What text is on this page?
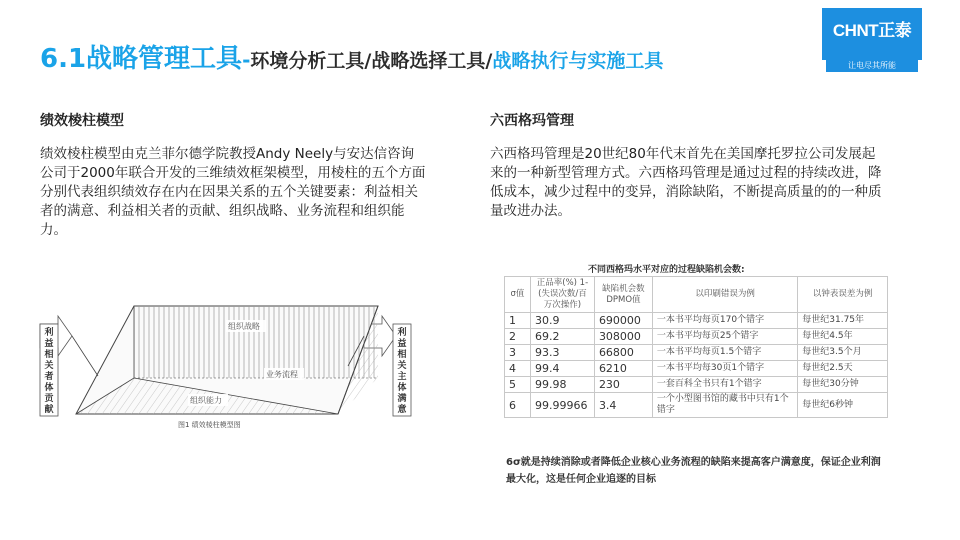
6.1战略管理工具-环境分析工具/战略选择工具/战略执行与实施工具
CHNT正泰
让电尽其所能
绩效棱柱模型
绩效棱柱模型由克兰菲尔德学院教授Andy Neely与安达信咨询公司于2000年联合开发的三维绩效框架模型，用棱柱的五个方面分别代表组织绩效存在内在因果关系的五个关键要素：利益相关者的满意、利益相关者的贡献、组织战略、业务流程和组织能力。
利益相关者体贡献
利益相关主体满意
组织战略
业务流程
组织能力
图1 绩效棱柱模型图
六西格玛管理
六西格玛管理是20世纪80年代末首先在美国摩托罗拉公司发展起来的一种新型管理方式。六西格玛管理是通过过程的持续改进，降低成本，减少过程中的变异，消除缺陷，不断提高质量的的一种质量改进办法。
不同西格玛水平对应的过程缺陷机会数:
σ值	正品率(%) 1-(失误次数/百万次操作)	缺陷机会数DPMO值	以印刷错误为例	以钟表误差为例
1	30.9	690000	一本书平均每页170个错字	每世纪31.75年
2	69.2	308000	一本书平均每页25个错字	每世纪4.5年
3	93.3	66800	一本书平均每页1.5个错字	每世纪3.5个月
4	99.4	6210	一本书平均每30页1个错字	每世纪2.5天
5	99.98	230	一套百科全书只有1个错字	每世纪30分钟
6	99.99966	3.4	一个小型图书馆的藏书中只有1个错字	每世纪6秒钟
6σ就是持续消除或者降低企业核心业务流程的缺陷来提高客户满意度，保证企业利润最大化，这是任何企业追逐的目标
